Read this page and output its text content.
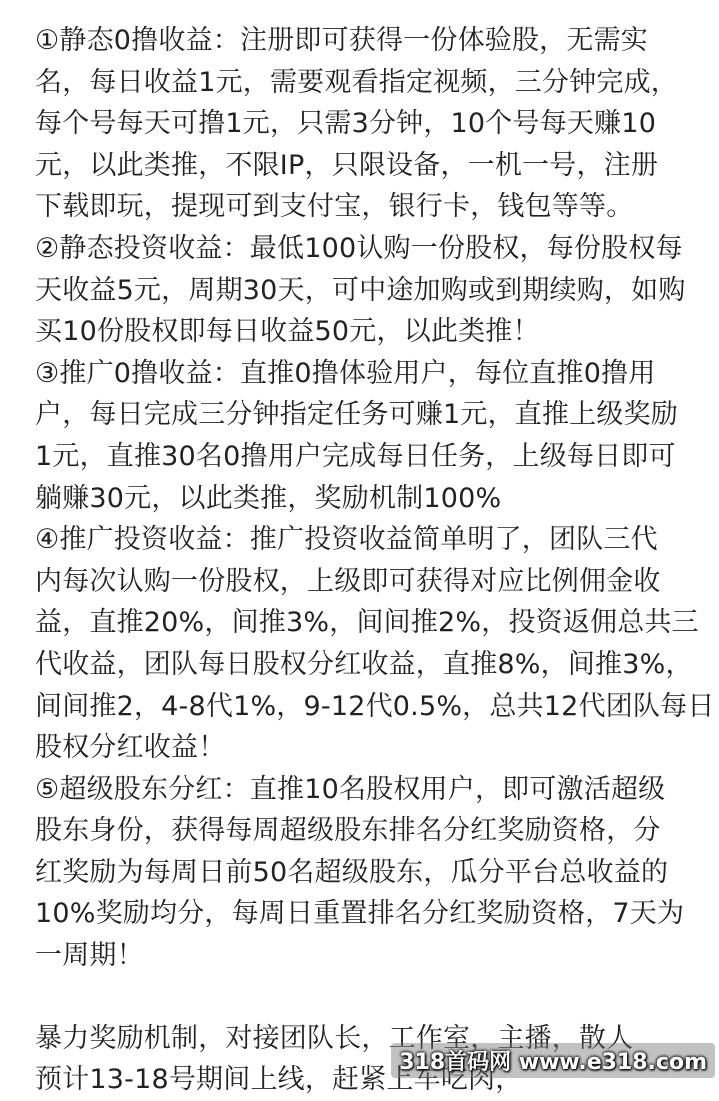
①静态0撸收益：注册即可获得一份体验股，无需实
名，每日收益1元，需要观看指定视频，三分钟完成，
每个号每天可撸1元，只需3分钟，10个号每天赚10
元，以此类推，不限IP，只限设备，一机一号，注册
下载即玩，提现可到支付宝，银行卡，钱包等等。
②静态投资收益：最低100认购一份股权，每份股权每
天收益5元，周期30天，可中途加购或到期续购，如购
买10份股权即每日收益50元，以此类推！
③推广0撸收益：直推0撸体验用户，每位直推0撸用
户，每日完成三分钟指定任务可赚1元，直推上级奖励
1元，直推30名0撸用户完成每日任务，上级每日即可
躺赚30元，以此类推，奖励机制100%
④推广投资收益：推广投资收益简单明了，团队三代
内每次认购一份股权，上级即可获得对应比例佣金收
益，直推20%，间推3%，间间推2%，投资返佣总共三
代收益，团队每日股权分红收益，直推8%，间推3%，
间间推2，4-8代1%，9-12代0.5%，总共12代团队每日
股权分红收益！
⑤超级股东分红：直推10名股权用户，即可激活超级
股东身份，获得每周超级股东排名分红奖励资格，分
红奖励为每周日前50名超级股东，瓜分平台总收益的
10%奖励均分，每周日重置排名分红奖励资格，7天为
一周期！
暴力奖励机制，对接团队长，工作室，主播，散人
预计13-18号期间上线，赶紧上车吃肉，
318首码网 www.e318.com
